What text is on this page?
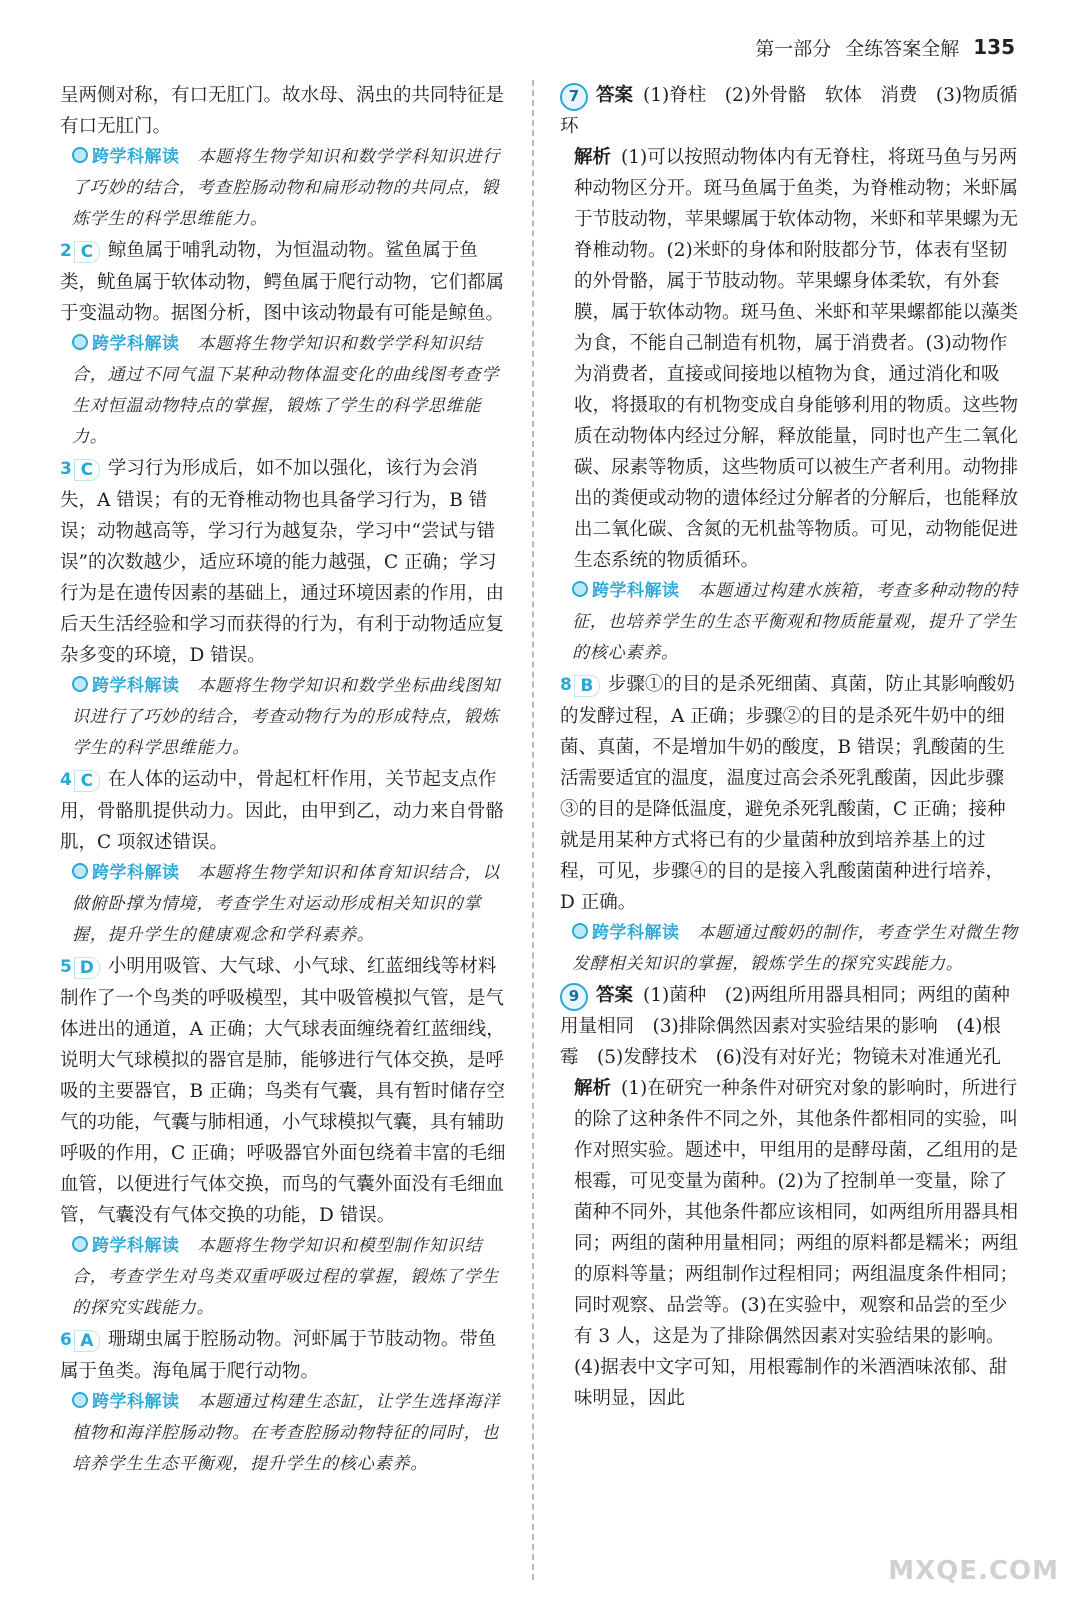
第一部分 全练答案全解 135

呈两侧对称，有口无肛门。故水母、涡虫的共同特征是有口无肛门。

跨学科解读 本题将生物学知识和数学学科知识进行了巧妙的结合，考查腔肠动物和扁形动物的共同点，锻炼学生的科学思维能力。

2 C 鲸鱼属于哺乳动物，为恒温动物。鲨鱼属于鱼类，鱿鱼属于软体动物，鳄鱼属于爬行动物，它们都属于变温动物。据图分析，图中该动物最有可能是鲸鱼。

跨学科解读 本题将生物学知识和数学学科知识结合，通过不同气温下某种动物体温变化的曲线图考查学生对恒温动物特点的掌握，锻炼了学生的科学思维能力。

3 C 学习行为形成后，如不加以强化，该行为会消失，A 错误；有的无脊椎动物也具备学习行为，B 错误；动物越高等，学习行为越复杂，学习中“尝试与错误”的次数越少，适应环境的能力越强，C 正确；学习行为是在遗传因素的基础上，通过环境因素的作用，由后天生活经验和学习而获得的行为，有利于动物适应复杂多变的环境，D 错误。

跨学科解读 本题将生物学知识和数学坐标曲线图知识进行了巧妙的结合，考查动物行为的形成特点，锻炼学生的科学思维能力。

4 C 在人体的运动中，骨起杠杆作用，关节起支点作用，骨骼肌提供动力。因此，由甲到乙，动力来自骨骼肌，C 项叙述错误。

跨学科解读 本题将生物学知识和体育知识结合，以做俯卧撑为情境，考查学生对运动形成相关知识的掌握，提升学生的健康观念和学科素养。

5 D 小明用吸管、大气球、小气球、红蓝细线等材料制作了一个鸟类的呼吸模型，其中吸管模拟气管，是气体进出的通道，A 正确；大气球表面缠绕着红蓝细线，说明大气球模拟的器官是肺，能够进行气体交换，是呼吸的主要器官，B 正确；鸟类有气囊，具有暂时储存空气的功能，气囊与肺相通，小气球模拟气囊，具有辅助呼吸的作用，C 正确；呼吸器官外面包绕着丰富的毛细血管，以便进行气体交换，而鸟的气囊外面没有毛细血管，气囊没有气体交换的功能，D 错误。

跨学科解读 本题将生物学知识和模型制作知识结合，考查学生对鸟类双重呼吸过程的掌握，锻炼了学生的探究实践能力。

6 A 珊瑚虫属于腔肠动物。河虾属于节肢动物。带鱼属于鱼类。海龟属于爬行动物。

跨学科解读 本题通过构建生态缸，让学生选择海洋植物和海洋腔肠动物。在考查腔肠动物特征的同时，也培养学生生态平衡观，提升学生的核心素养。

7 答案 (1)脊柱　(2)外骨骼　软体　消费　(3)物质循环

解析 (1)可以按照动物体内有无脊柱，将斑马鱼与另两种动物区分开。斑马鱼属于鱼类，为脊椎动物；米虾属于节肢动物，苹果螺属于软体动物，米虾和苹果螺为无脊椎动物。(2)米虾的身体和附肢都分节，体表有坚韧的外骨骼，属于节肢动物。苹果螺身体柔软，有外套膜，属于软体动物。斑马鱼、米虾和苹果螺都能以藻类为食，不能自己制造有机物，属于消费者。(3)动物作为消费者，直接或间接地以植物为食，通过消化和吸收，将摄取的有机物变成自身能够利用的物质。这些物质在动物体内经过分解，释放能量，同时也产生二氧化碳、尿素等物质，这些物质可以被生产者利用。动物排出的粪便或动物的遗体经过分解者的分解后，也能释放出二氧化碳、含氮的无机盐等物质。可见，动物能促进生态系统的物质循环。

跨学科解读 本题通过构建水族箱，考查多种动物的特征，也培养学生的生态平衡观和物质能量观，提升了学生的核心素养。

8 B 步骤①的目的是杀死细菌、真菌，防止其影响酸奶的发酵过程，A 正确；步骤②的目的是杀死牛奶中的细菌、真菌，不是增加牛奶的酸度，B 错误；乳酸菌的生活需要适宜的温度，温度过高会杀死乳酸菌，因此步骤③的目的是降低温度，避免杀死乳酸菌，C 正确；接种就是用某种方式将已有的少量菌种放到培养基上的过程，可见，步骤④的目的是接入乳酸菌菌种进行培养，D 正确。

跨学科解读 本题通过酸奶的制作，考查学生对微生物发酵相关知识的掌握，锻炼学生的探究实践能力。

9 答案 (1)菌种　(2)两组所用器具相同；两组的菌种用量相同　(3)排除偶然因素对实验结果的影响　(4)根霉　(5)发酵技术　(6)没有对好光；物镜未对准通光孔

解析 (1)在研究一种条件对研究对象的影响时，所进行的除了这种条件不同之外，其他条件都相同的实验，叫作对照实验。题述中，甲组用的是酵母菌，乙组用的是根霉，可见变量为菌种。(2)为了控制单一变量，除了菌种不同外，其他条件都应该相同，如两组所用器具相同；两组的菌种用量相同；两组的原料都是糯米；两组的原料等量；两组制作过程相同；两组温度条件相同；同时观察、品尝等。(3)在实验中，观察和品尝的至少有 3 人，这是为了排除偶然因素对实验结果的影响。(4)据表中文字可知，用根霉制作的米酒酒味浓郁、甜味明显，因此

MXQE.COM
